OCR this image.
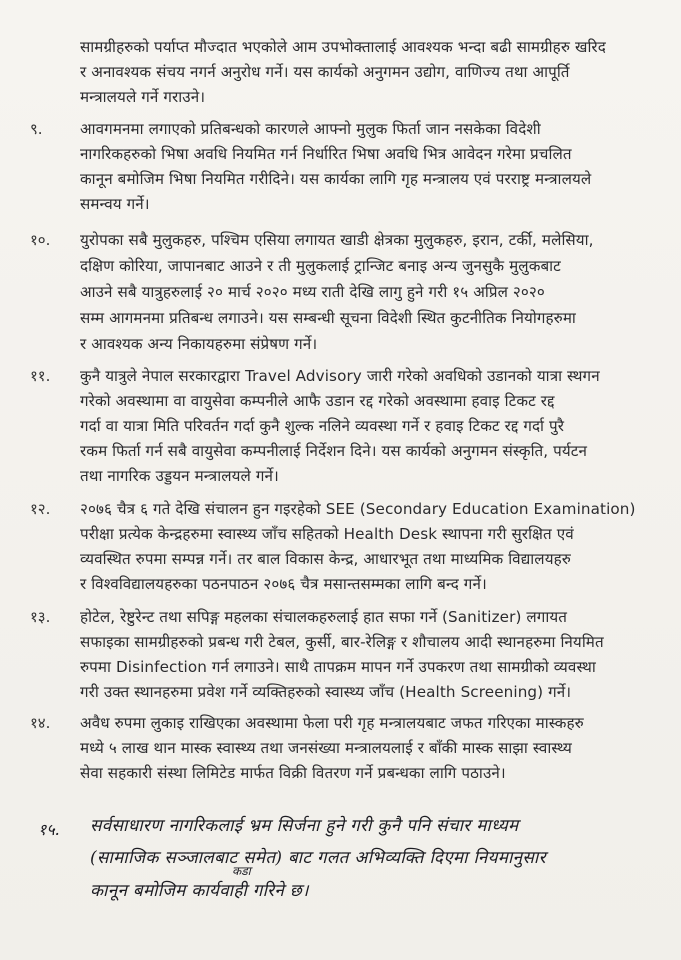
सामग्रीहरुको पर्याप्त मौज्दात भएकोले आम उपभोक्तालाई आवश्यक भन्दा बढी सामग्रीहरु खरिद
र अनावश्यक संचय नगर्न अनुरोध गर्ने। यस कार्यको अनुगमन उद्योग, वाणिज्य तथा आपूर्ति
मन्त्रालयले गर्ने गराउने।
९. आवगमनमा लगाएको प्रतिबन्धको कारणले आफ्नो मुलुक फिर्ता जान नसकेका विदेशी
नागरिकहरुको भिषा अवधि नियमित गर्न निर्धारित भिषा अवधि भित्र आवेदन गरेमा प्रचलित
कानून बमोजिम भिषा नियमित गरीदिने। यस कार्यका लागि गृह मन्त्रालय एवं परराष्ट्र मन्त्रालयले
समन्वय गर्ने।
१०. युरोपका सबै मुलुकहरु, पश्चिम एसिया लगायत खाडी क्षेत्रका मुलुकहरु, इरान, टर्की, मलेसिया,
दक्षिण कोरिया, जापानबाट आउने र ती मुलुकलाई ट्रान्जिट बनाइ अन्य जुनसुकै मुलुकबाट
आउने सबै यात्रुहरुलाई २० मार्च २०२० मध्य राती देखि लागु हुने गरी १५ अप्रिल २०२०
सम्म आगमनमा प्रतिबन्ध लगाउने। यस सम्बन्धी सूचना विदेशी स्थित कुटनीतिक नियोगहरुमा
र आवश्यक अन्य निकायहरुमा संप्रेषण गर्ने।
११. कुनै यात्रुले नेपाल सरकारद्वारा Travel Advisory जारी गरेको अवधिको उडानको यात्रा स्थगन
गरेको अवस्थामा वा वायुसेवा कम्पनीले आफै उडान रद्द गरेको अवस्थामा हवाइ टिकट रद्द
गर्दा वा यात्रा मिति परिवर्तन गर्दा कुनै शुल्क नलिने व्यवस्था गर्ने र हवाइ टिकट रद्द गर्दा पुरै
रकम फिर्ता गर्न सबै वायुसेवा कम्पनीलाई निर्देशन दिने। यस कार्यको अनुगमन संस्कृति, पर्यटन
तथा नागरिक उड्डयन मन्त्रालयले गर्ने।
१२. २०७६ चैत्र ६ गते देखि संचालन हुन गइरहेको SEE (Secondary Education Examination)
परीक्षा प्रत्येक केन्द्रहरुमा स्वास्थ्य जाँच सहितको Health Desk स्थापना गरी सुरक्षित एवं
व्यवस्थित रुपमा सम्पन्न गर्ने। तर बाल विकास केन्द्र, आधारभूत तथा माध्यमिक विद्यालयहरु
र विश्वविद्यालयहरुका पठनपाठन २०७६ चैत्र मसान्तसम्मका लागि बन्द गर्ने।
१३. होटेल, रेष्टुरेन्ट तथा सपिङ्ग महलका संचालकहरुलाई हात सफा गर्ने (Sanitizer) लगायत
सफाइका सामग्रीहरुको प्रबन्ध गरी टेबल, कुर्सी, बार-रेलिङ्ग र शौचालय आदी स्थानहरुमा नियमित
रुपमा Disinfection गर्न लगाउने। साथै तापक्रम मापन गर्ने उपकरण तथा सामग्रीको व्यवस्था
गरी उक्त स्थानहरुमा प्रवेश गर्ने व्यक्तिहरुको स्वास्थ्य जाँच (Health Screening) गर्ने।
१४. अवैध रुपमा लुकाइ राखिएका अवस्थामा फेला परी गृह मन्त्रालयबाट जफत गरिएका मास्कहरु
मध्ये ५ लाख थान मास्क स्वास्थ्य तथा जनसंख्या मन्त्रालयलाई र बाँकी मास्क साझा स्वास्थ्य
सेवा सहकारी संस्था लिमिटेड मार्फत विक्री वितरण गर्ने प्रबन्धका लागि पठाउने।
१५. सर्वसाधारण नागरिकलाई भ्रम सिर्जना हुने गरी कुनै पनि संचार माध्यम
(सामाजिक सञ्जालबाट समेत) बाट गलत अभिव्यक्ति दिएमा नियमानुसार
कडा
कानून बमोजिम कार्यवाही गरिने छ।
